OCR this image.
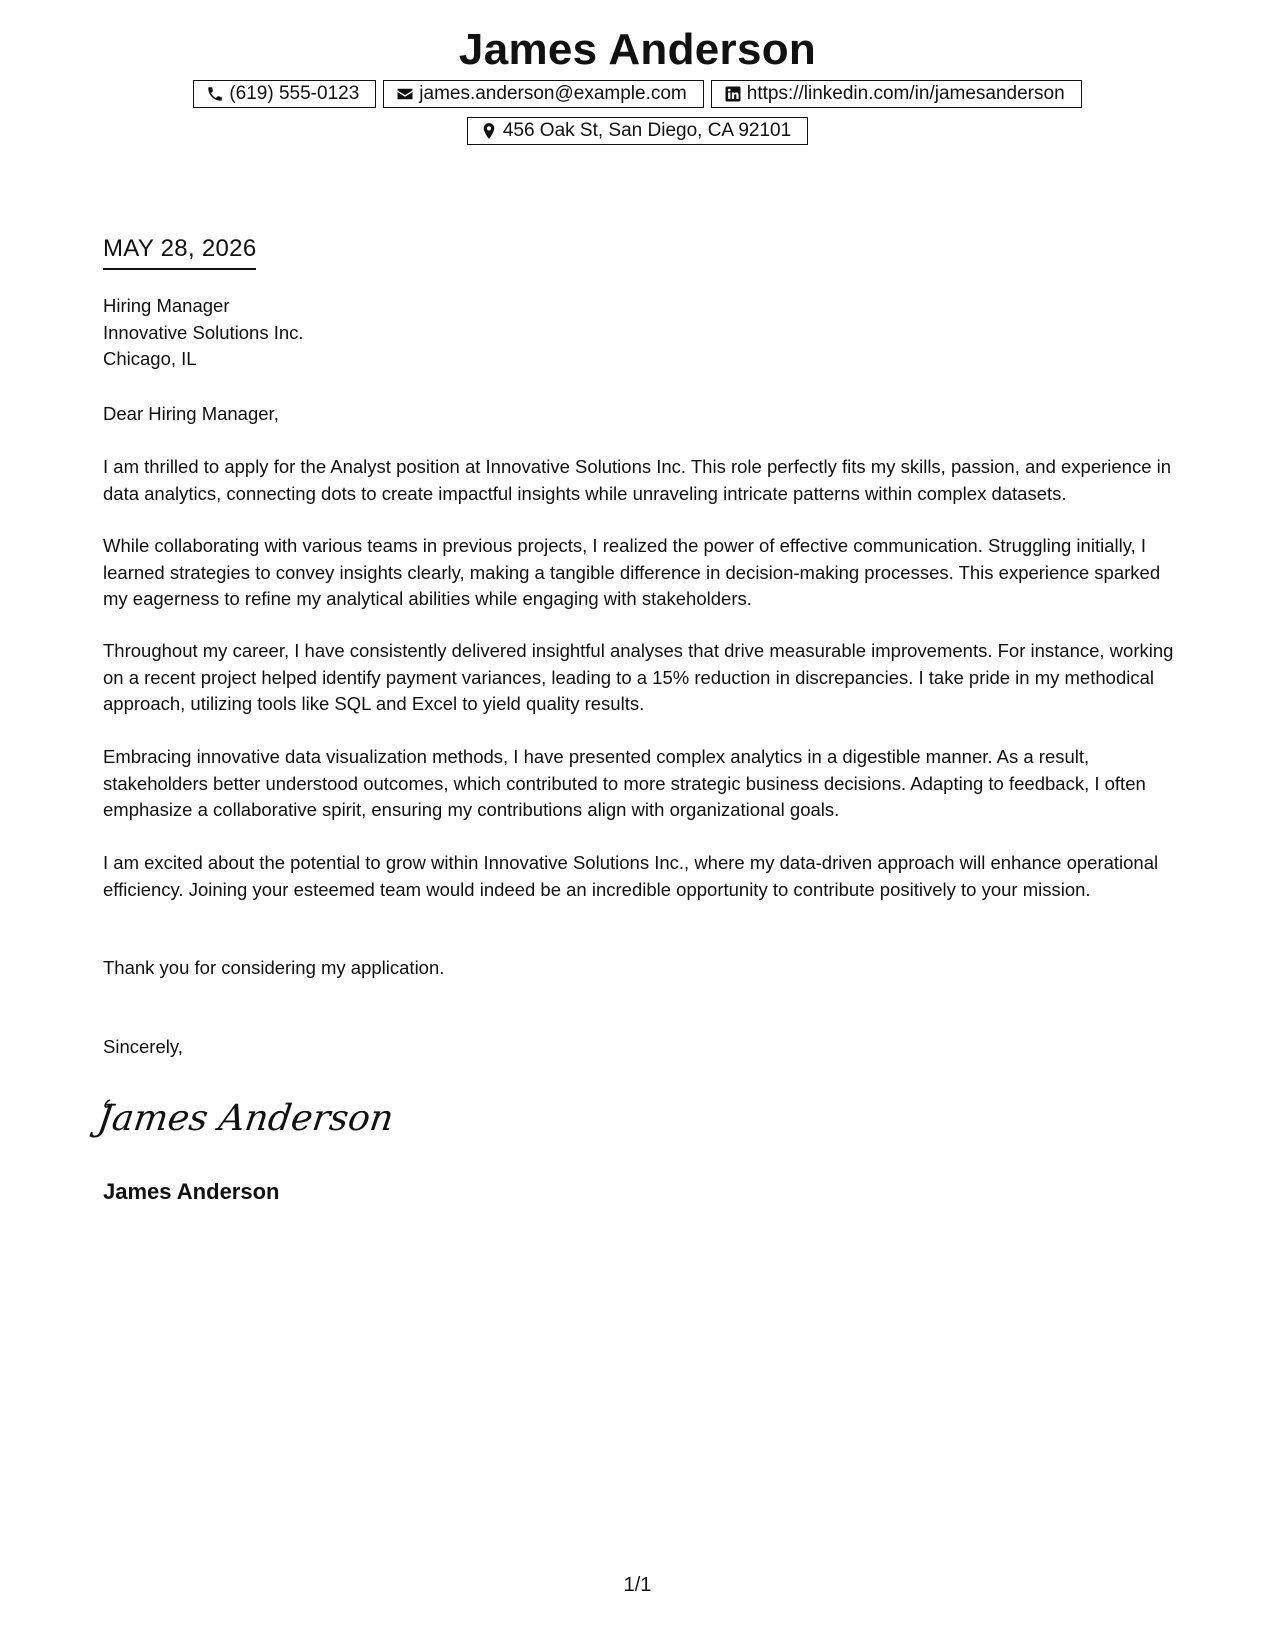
James Anderson
(619) 555-0123	james.anderson@example.com	https://linkedin.com/in/jamesanderson
456 Oak St, San Diego, CA 92101
MAY 28, 2026

Hiring Manager

Innovative Solutions Inc.

Chicago, IL

Dear Hiring Manager,
I am thrilled to apply for the Analyst position at Innovative Solutions Inc. This role perfectly fits my skills, passion, and experience in data analytics, connecting dots to create impactful insights while unraveling intricate patterns within complex datasets.
While collaborating with various teams in previous projects, I realized the power of effective communication. Struggling initially, I learned strategies to convey insights clearly, making a tangible difference in decision-making processes. This experience sparked my eagerness to refine my analytical abilities while engaging with stakeholders.
Throughout my career, I have consistently delivered insightful analyses that drive measurable improvements. For instance, working on a recent project helped identify payment variances, leading to a 15% reduction in discrepancies. I take pride in my methodical approach, utilizing tools like SQL and Excel to yield quality results.
Embracing innovative data visualization methods, I have presented complex analytics in a digestible manner. As a result, stakeholders better understood outcomes, which contributed to more strategic business decisions. Adapting to feedback, I often emphasize a collaborative spirit, ensuring my contributions align with organizational goals.
I am excited about the potential to grow within Innovative Solutions Inc., where my data-driven approach will enhance operational efficiency. Joining your esteemed team would indeed be an incredible opportunity to contribute positively to your mission.
Thank you for considering my application.
Sincerely,
James Anderson
James Anderson
1/1
